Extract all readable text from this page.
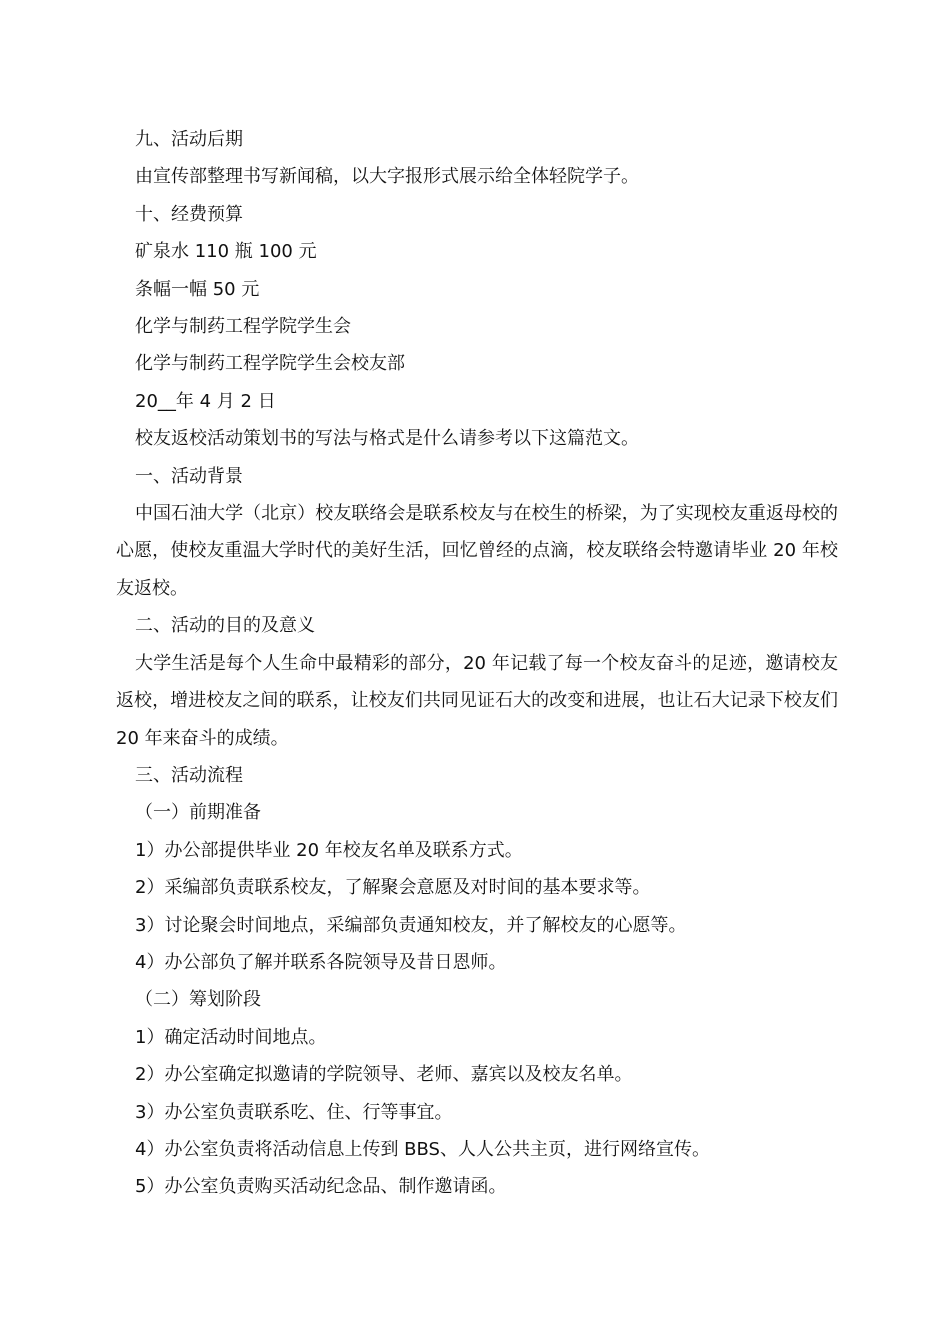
九、活动后期

由宣传部整理书写新闻稿，以大字报形式展示给全体轻院学子。

十、经费预算

矿泉水 110 瓶 100 元

条幅一幅 50 元

化学与制药工程学院学生会

化学与制药工程学院学生会校友部

20__年 4 月 2 日

校友返校活动策划书的写法与格式是什么请参考以下这篇范文。

一、活动背景

中国石油大学（北京）校友联络会是联系校友与在校生的桥梁，为了实现校友重返母校的心愿，使校友重温大学时代的美好生活，回忆曾经的点滴，校友联络会特邀请毕业 20 年校友返校。

二、活动的目的及意义

大学生活是每个人生命中最精彩的部分，20 年记载了每一个校友奋斗的足迹，邀请校友返校，增进校友之间的联系，让校友们共同见证石大的改变和进展，也让石大记录下校友们 20 年来奋斗的成绩。

三、活动流程

（一）前期准备

1）办公部提供毕业 20 年校友名单及联系方式。

2）采编部负责联系校友，了解聚会意愿及对时间的基本要求等。

3）讨论聚会时间地点，采编部负责通知校友，并了解校友的心愿等。

4）办公部负了解并联系各院领导及昔日恩师。

（二）筹划阶段

1）确定活动时间地点。

2）办公室确定拟邀请的学院领导、老师、嘉宾以及校友名单。

3）办公室负责联系吃、住、行等事宜。

4）办公室负责将活动信息上传到 BBS、人人公共主页，进行网络宣传。

5）办公室负责购买活动纪念品、制作邀请函。
